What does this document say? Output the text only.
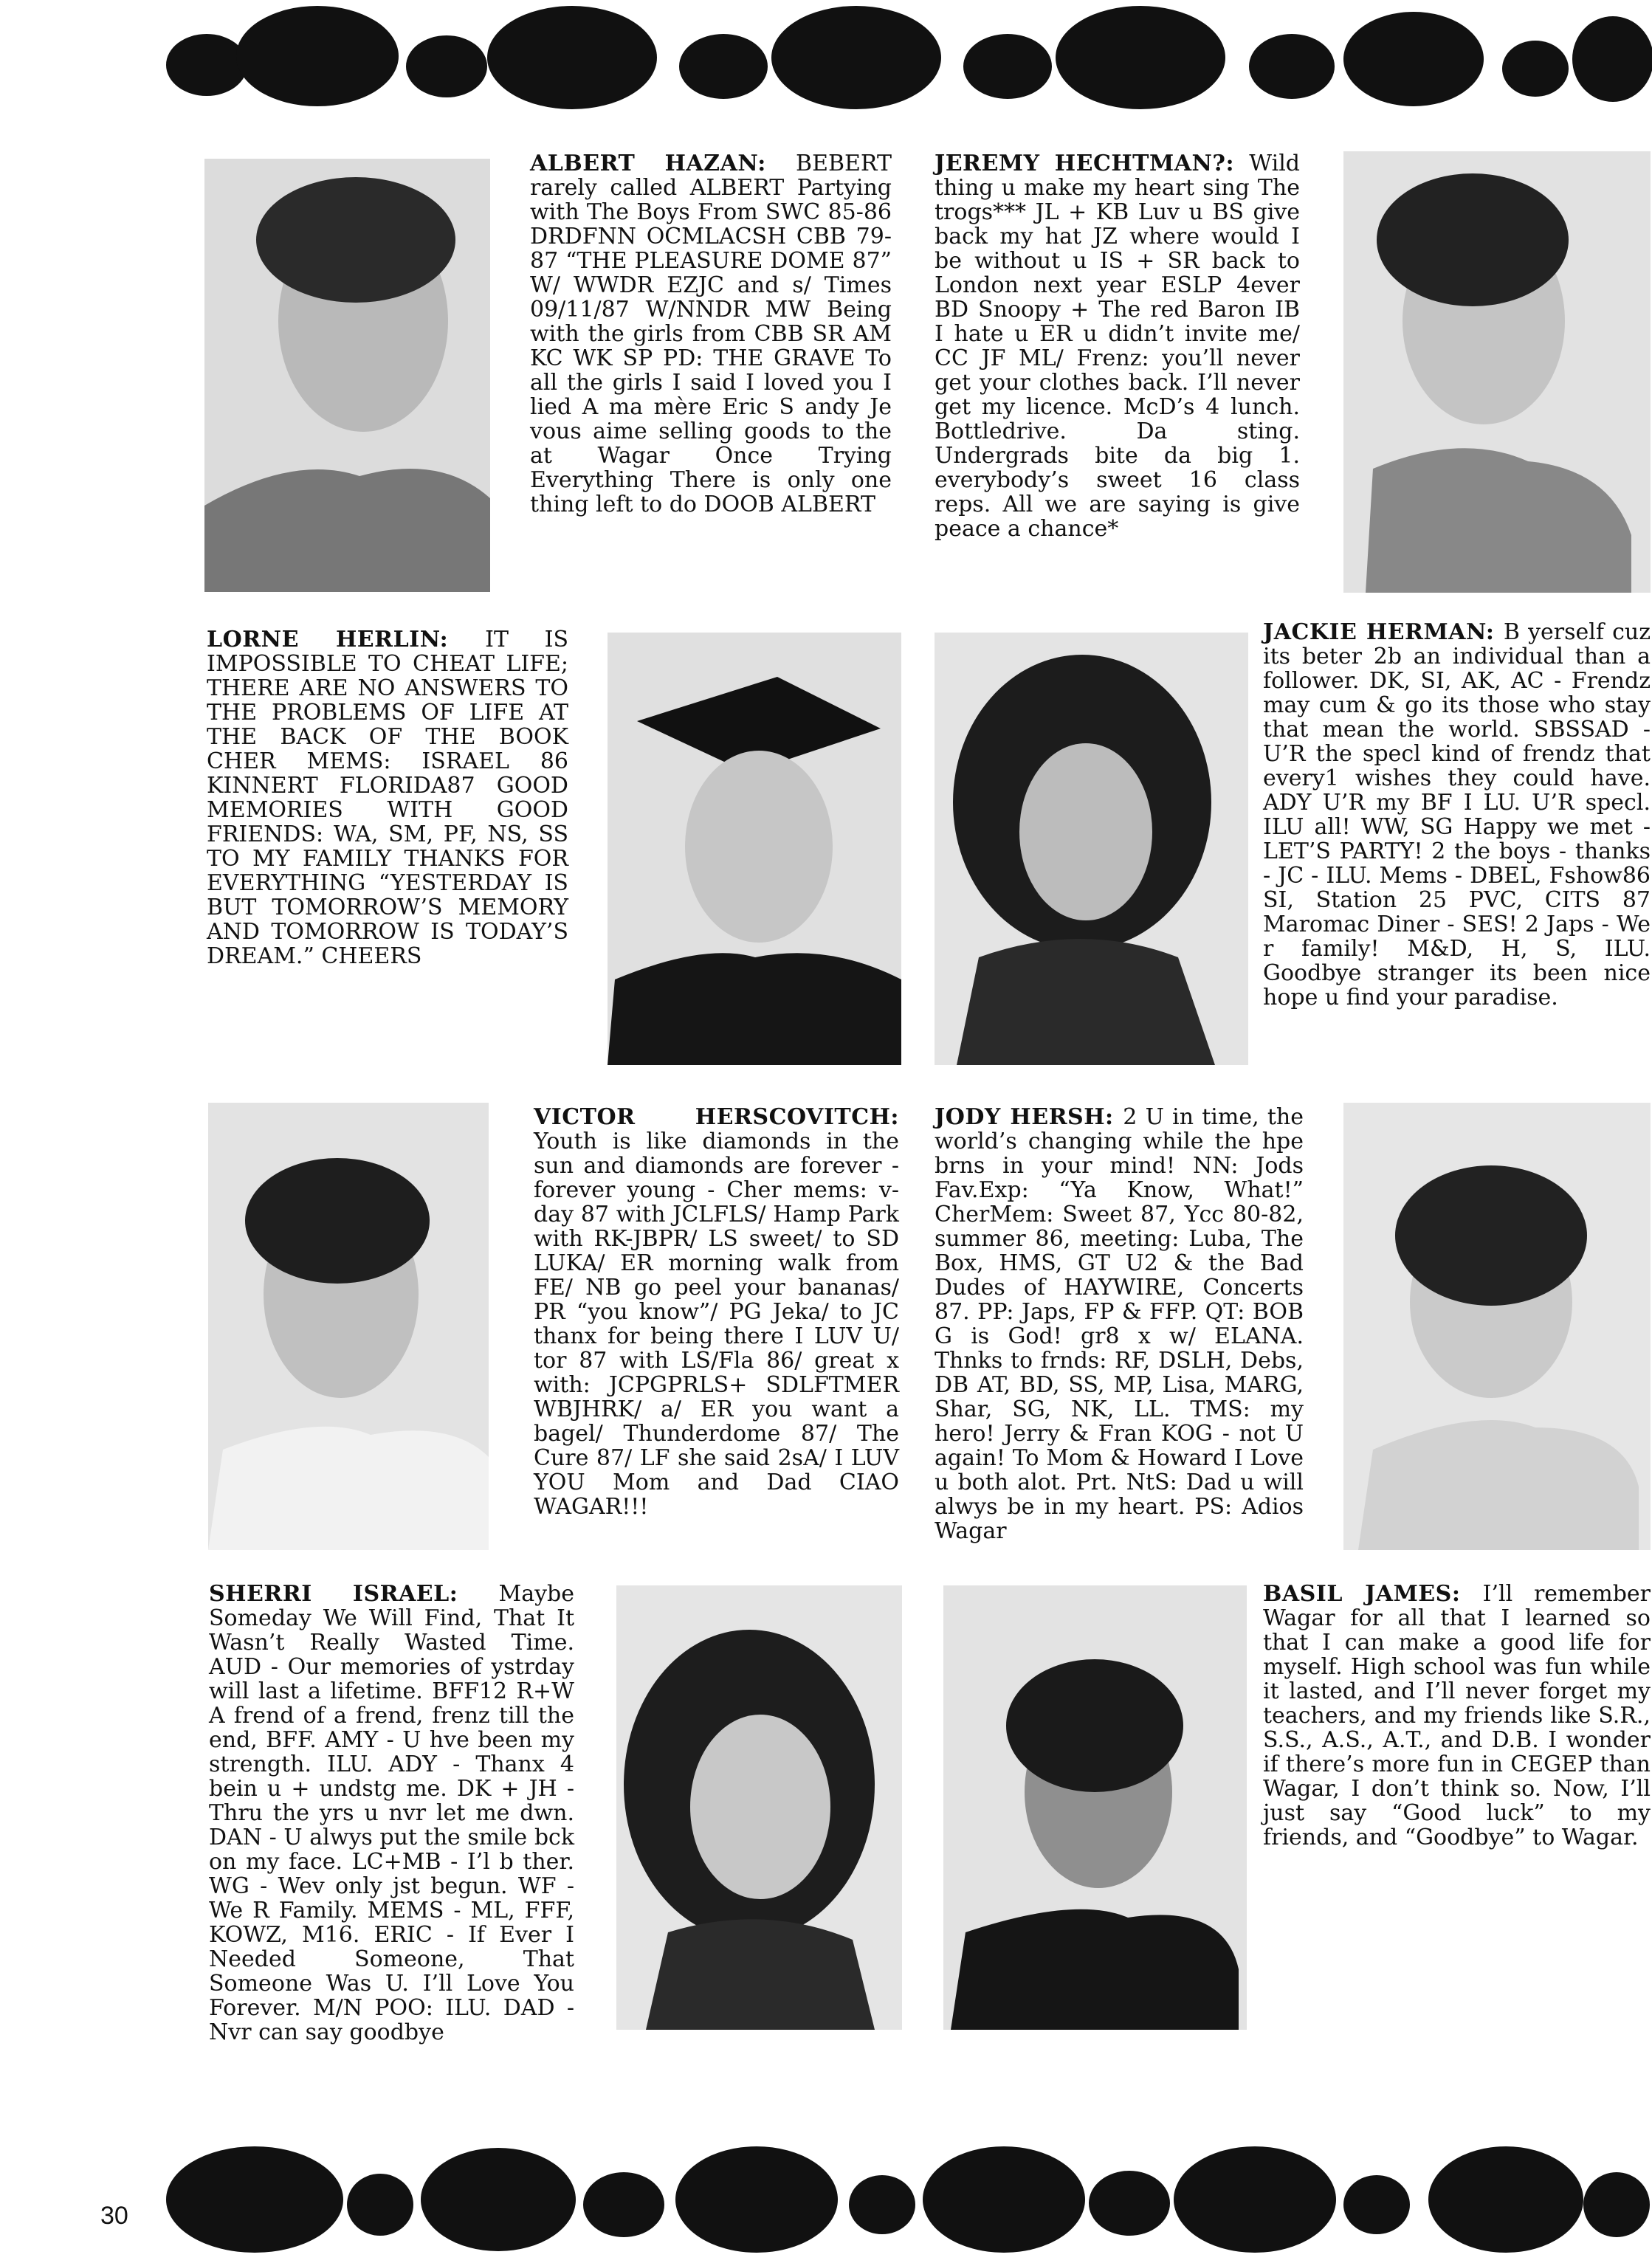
ALBERT HAZAN: BEBERT rarely called ALBERT Partying with The Boys From SWC 85-86 DRDFNN OCMLACSH CBB 79-87 “THE PLEASURE DOME 87” W/ WWDR EZJC and s/ Times 09/11/87 W/NNDR MW Being with the girls from CBB SR AM KC WK SP PD: THE GRAVE To all the girls I said I loved you I lied A ma mère Eric S andy Je vous aime selling goods to the at Wagar Once Trying Everything There is only one thing left to do DOOB ALBERT
JEREMY HECHTMAN?: Wild thing u make my heart sing The trogs*** JL + KB Luv u BS give back my hat JZ where would I be without u IS + SR back to London next year ESLP 4ever BD Snoopy + The red Baron IB I hate u ER u didn’t invite me/ CC JF ML/ Frenz: you’ll never get your clothes back. I’ll never get my licence. McD’s 4 lunch. Bottledrive. Da sting. Undergrads bite da big 1. everybody’s sweet 16 class reps. All we are saying is give peace a chance*
LORNE HERLIN: IT IS IMPOSSIBLE TO CHEAT LIFE; THERE ARE NO ANSWERS TO THE PROBLEMS OF LIFE AT THE BACK OF THE BOOK CHER MEMS: ISRAEL 86 KINNERT FLORIDA87 GOOD MEMORIES WITH GOOD FRIENDS: WA, SM, PF, NS, SS TO MY FAMILY THANKS FOR EVERYTHING “YESTERDAY IS BUT TOMORROW’S MEMORY AND TOMORROW IS TODAY’S DREAM.” CHEERS
JACKIE HERMAN: B yerself cuz its beter 2b an individual than a follower. DK, SI, AK, AC - Frendz may cum & go its those who stay that mean the world. SBSSAD - U’R the specl kind of frendz that every1 wishes they could have. ADY U’R my BF I LU. U’R specl. ILU all! WW, SG Happy we met - LET’S PARTY! 2 the boys - thanks - JC - ILU. Mems - DBEL, Fshow86 SI, Station 25 PVC, CITS 87 Maromac Diner - SES! 2 Japs - We r family! M&D, H, S, ILU. Goodbye stranger its been nice hope u find your paradise.
VICTOR HERSCOVITCH: Youth is like diamonds in the sun and diamonds are forever - forever young - Cher mems: v-day 87 with JCLFLS/ Hamp Park with RK-JBPR/ LS sweet/ to SD LUKA/ ER morning walk from FE/ NB go peel your bananas/ PR “you know”/ PG Jeka/ to JC thanx for being there I LUV U/ tor 87 with LS/Fla 86/ great x with: JCPGPRLS+ SDLFTMER WBJHRK/ a/ ER you want a bagel/ Thunderdome 87/ The Cure 87/ LF she said 2sA/ I LUV YOU Mom and Dad CIAO WAGAR!!!
JODY HERSH: 2 U in time, the world’s changing while the hpe brns in your mind! NN: Jods Fav.Exp: “Ya Know, What!” CherMem: Sweet 87, Ycc 80-82, summer 86, meeting: Luba, The Box, HMS, GT U2 & the Bad Dudes of HAYWIRE, Concerts 87. PP: Japs, FP & FFP. QT: BOB G is God! gr8 x w/ ELANA. Thnks to frnds: RF, DSLH, Debs, DB AT, BD, SS, MP, Lisa, MARG, Shar, SG, NK, LL. TMS: my hero! Jerry & Fran KOG - not U again! To Mom & Howard I Love u both alot. Prt. NtS: Dad u will alwys be in my heart. PS: Adios Wagar
SHERRI ISRAEL: Maybe Someday We Will Find, That It Wasn’t Really Wasted Time. AUD - Our memories of ystrday will last a lifetime. BFF12 R+W A frend of a frend, frenz till the end, BFF. AMY - U hve been my strength. ILU. ADY - Thanx 4 bein u + undstg me. DK + JH - Thru the yrs u nvr let me dwn. DAN - U alwys put the smile bck on my face. LC+MB - I’l b ther. WG - Wev only jst begun. WF - We R Family. MEMS - ML, FFF, KOWZ, M16. ERIC - If Ever I Needed Someone, That Someone Was U. I’ll Love You Forever. M/N POO: ILU. DAD - Nvr can say goodbye
BASIL JAMES: I’ll remember Wagar for all that I learned so that I can make a good life for myself. High school was fun while it lasted, and I’ll never forget my teachers, and my friends like S.R., S.S., A.S., A.T., and D.B. I wonder if there’s more fun in CEGEP than Wagar, I don’t think so. Now, I’ll just say “Good luck” to my friends, and “Goodbye” to Wagar.
30
